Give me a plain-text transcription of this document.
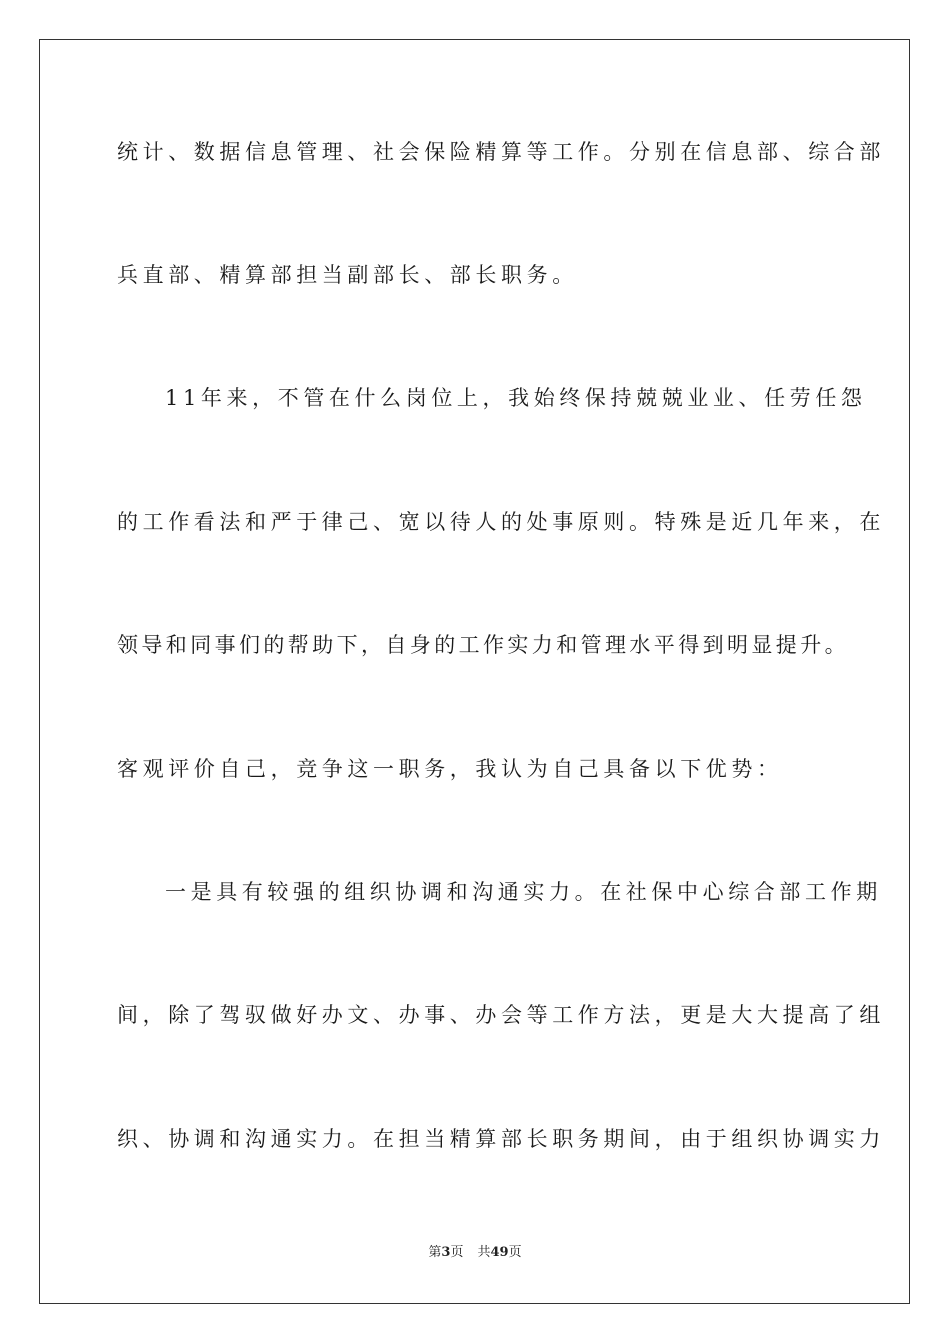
统计、数据信息管理、社会保险精算等工作。分别在信息部、综合部

兵直部、精算部担当副部长、部长职务。

11年来，不管在什么岗位上，我始终保持兢兢业业、任劳任怨

的工作看法和严于律己、宽以待人的处事原则。特殊是近几年来，在

领导和同事们的帮助下，自身的工作实力和管理水平得到明显提升。

客观评价自己，竞争这一职务，我认为自己具备以下优势：

一是具有较强的组织协调和沟通实力。在社保中心综合部工作期

间，除了驾驭做好办文、办事、办会等工作方法，更是大大提高了组

织、协调和沟通实力。在担当精算部长职务期间，由于组织协调实力

第3页 共49页
